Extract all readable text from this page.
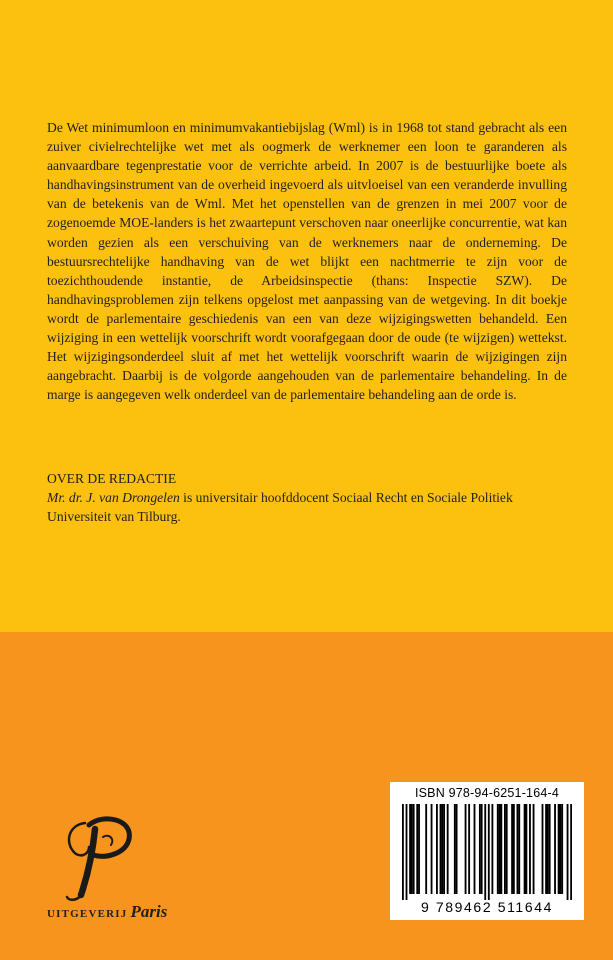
De Wet minimumloon en minimumvakantiebijslag (Wml) is in 1968 tot stand gebracht als een zuiver civielrechtelijke wet met als oogmerk de werknemer een loon te garanderen als aanvaardbare tegenprestatie voor de verrichte arbeid. In 2007 is de bestuurlijke boete als handhavingsinstrument van de overheid ingevoerd als uitvloeisel van een veranderde invulling van de betekenis van de Wml. Met het openstellen van de grenzen in mei 2007 voor de zogenoemde MOE-landers is het zwaartepunt verschoven naar oneerlijke concurrentie, wat kan worden gezien als een verschuiving van de werknemers naar de onderneming. De bestuursrechtelijke handhaving van de wet blijkt een nachtmerrie te zijn voor de toezichthoudende instantie, de Arbeidsinspectie (thans: Inspectie SZW). De handhavingsproblemen zijn telkens opgelost met aanpassing van de wetgeving. In dit boekje wordt de parlementaire geschiedenis van een van deze wijzigingswetten behandeld. Een wijziging in een wettelijk voorschrift wordt voorafgegaan door de oude (te wijzigen) wettekst. Het wijzigingsonderdeel sluit af met het wettelijk voorschrift waarin de wijzigingen zijn aangebracht. Daarbij is de volgorde aangehouden van de parlementaire behandeling. In de marge is aangegeven welk onderdeel van de parlementaire behandeling aan de orde is.

OVER DE REDACTIE

Mr. dr. J. van Drongelen is universitair hoofddocent Sociaal Recht en Sociale Politiek Universiteit van Tilburg.

UITGEVERIJ Paris
ISBN 978-94-6251-164-4
9 789462 511644
